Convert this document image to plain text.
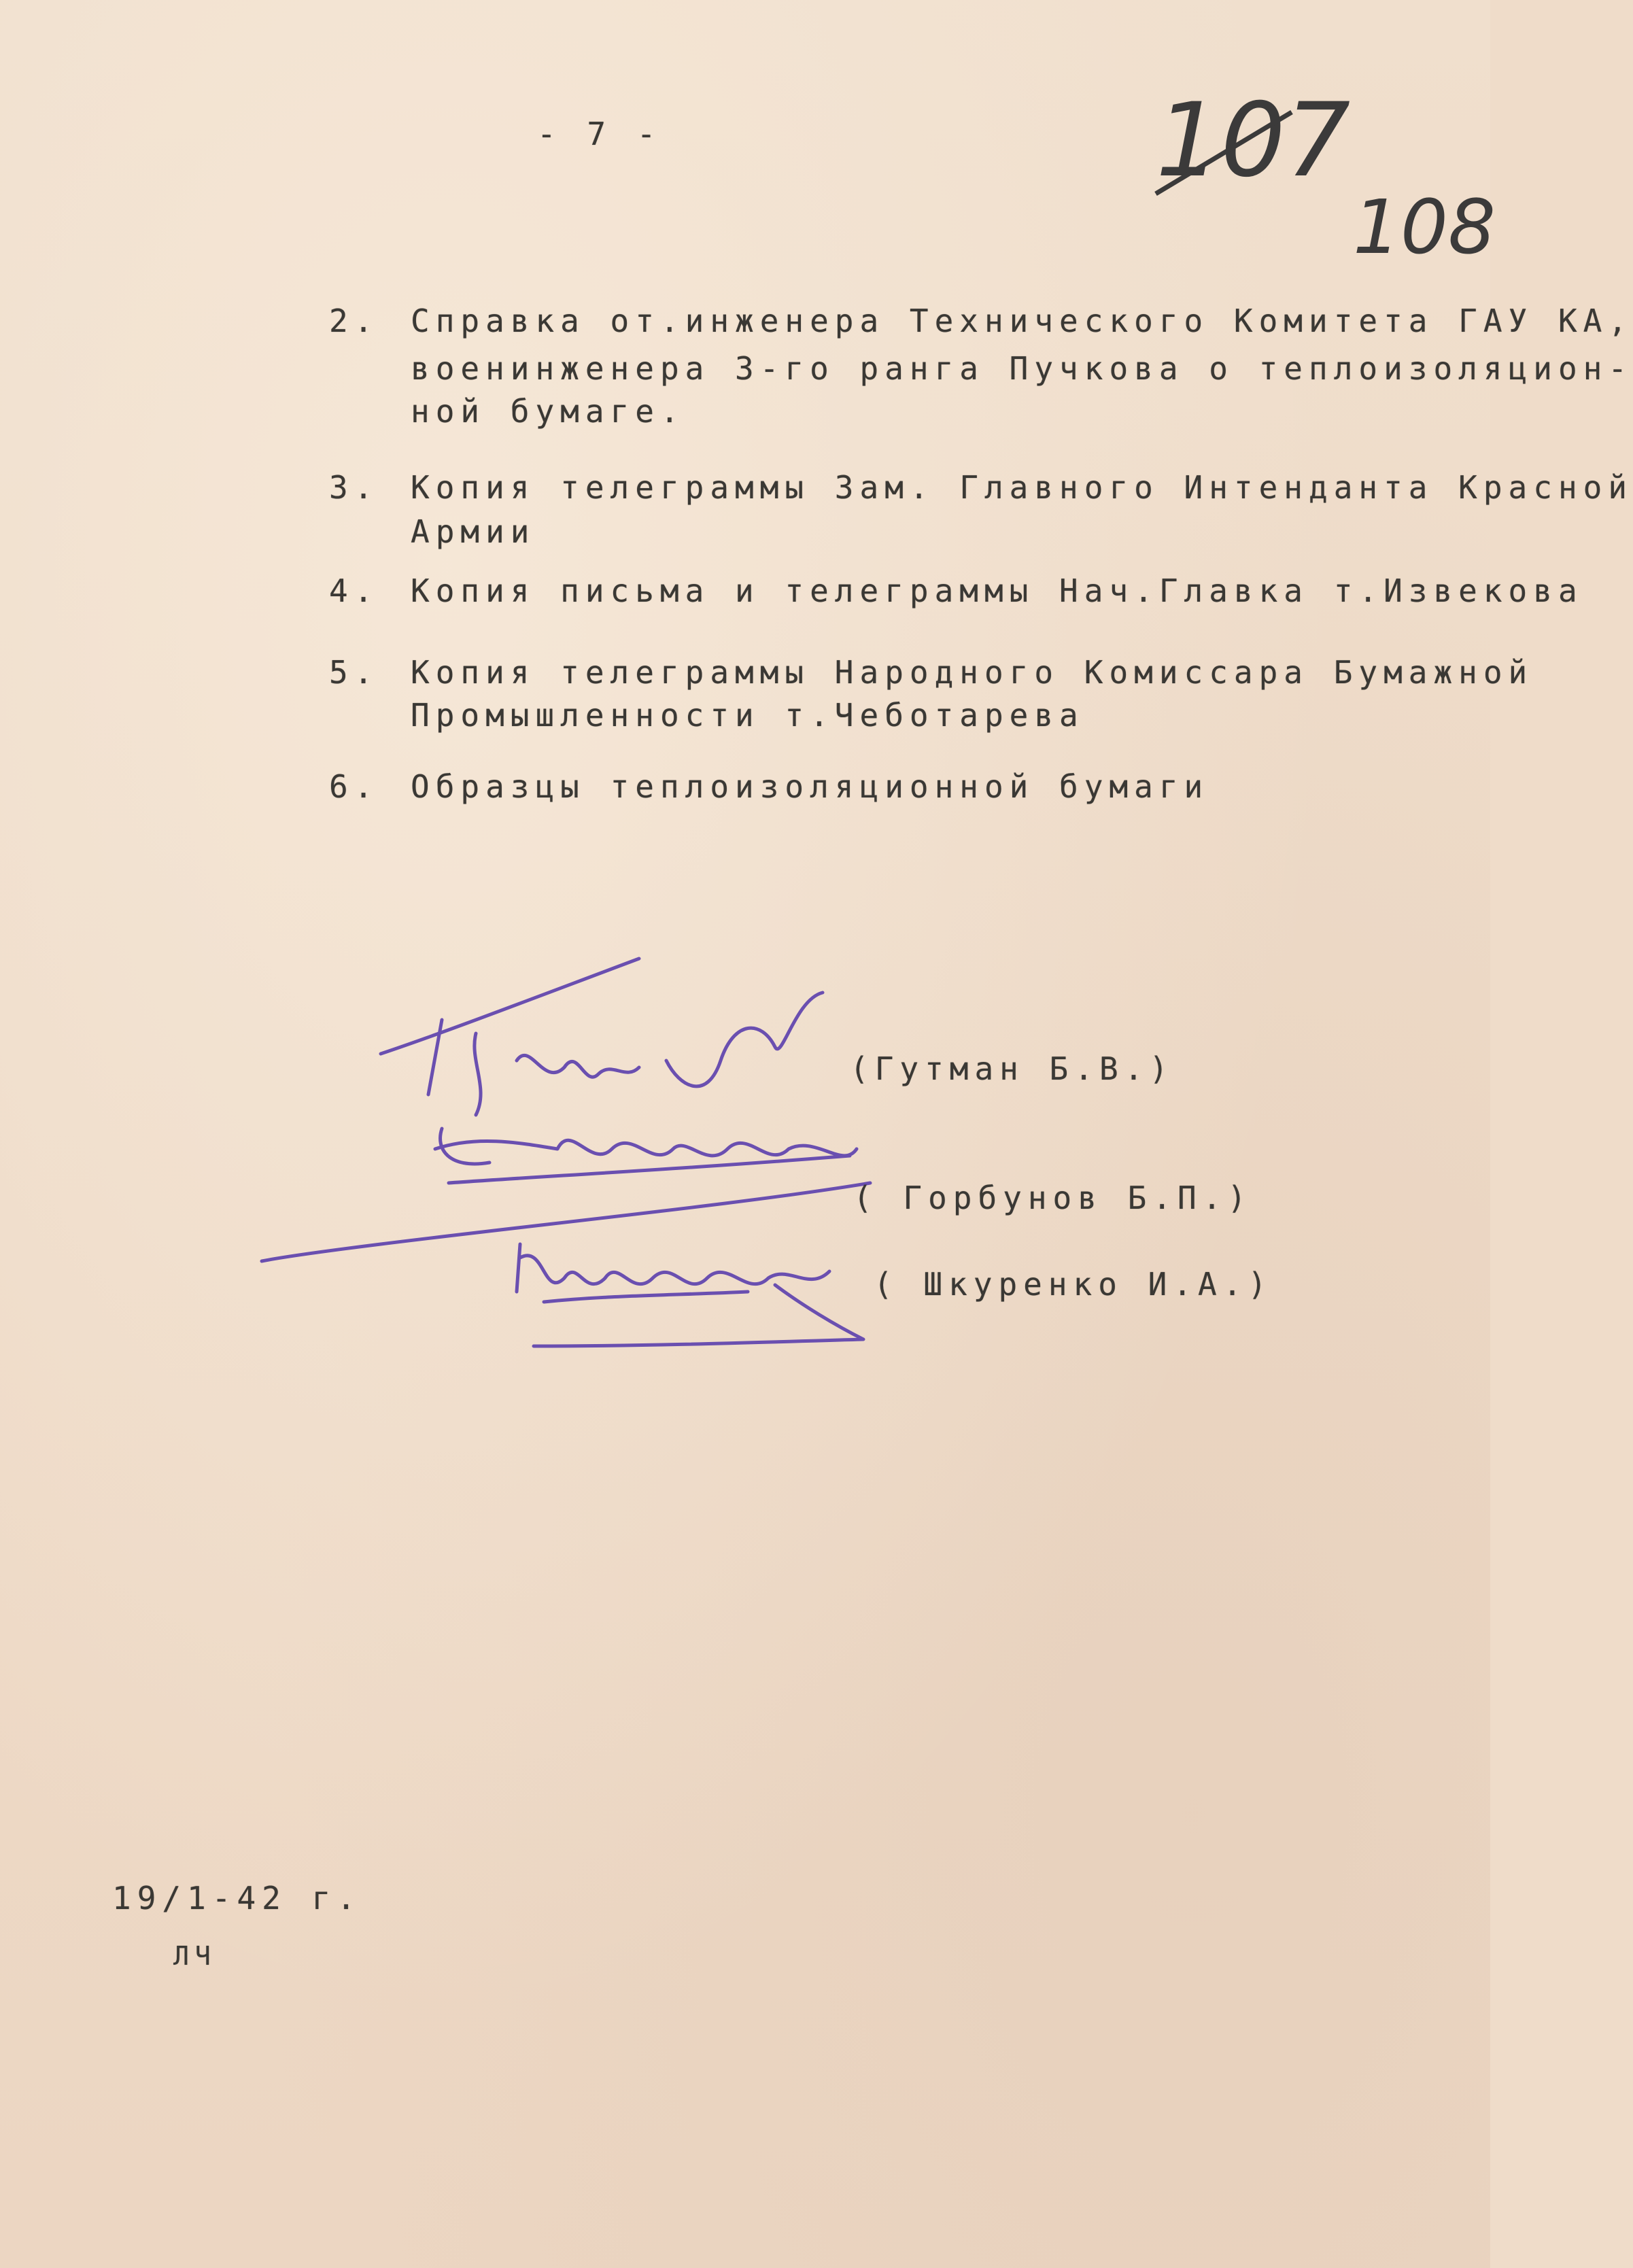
- 7 -	107
108
2. Справка от.инженера Технического Комитета ГАУ КА,
военинженера 3-го ранга Пучкова о теплоизоляцион-
ной бумаге.
3. Копия телеграммы Зам. Главного Интенданта Красной
Армии
4. Копия письма и телеграммы Нач.Главка т.Извекова
5. Копия телеграммы Народного Комиссара Бумажной
Промышленности т.Чеботарева
6. Образцы теплоизоляционной бумаги
(Гутман Б.В.)
( Горбунов Б.П.)
( Шкуренко И.А.)
19/1-42 г.
ЛЧ
